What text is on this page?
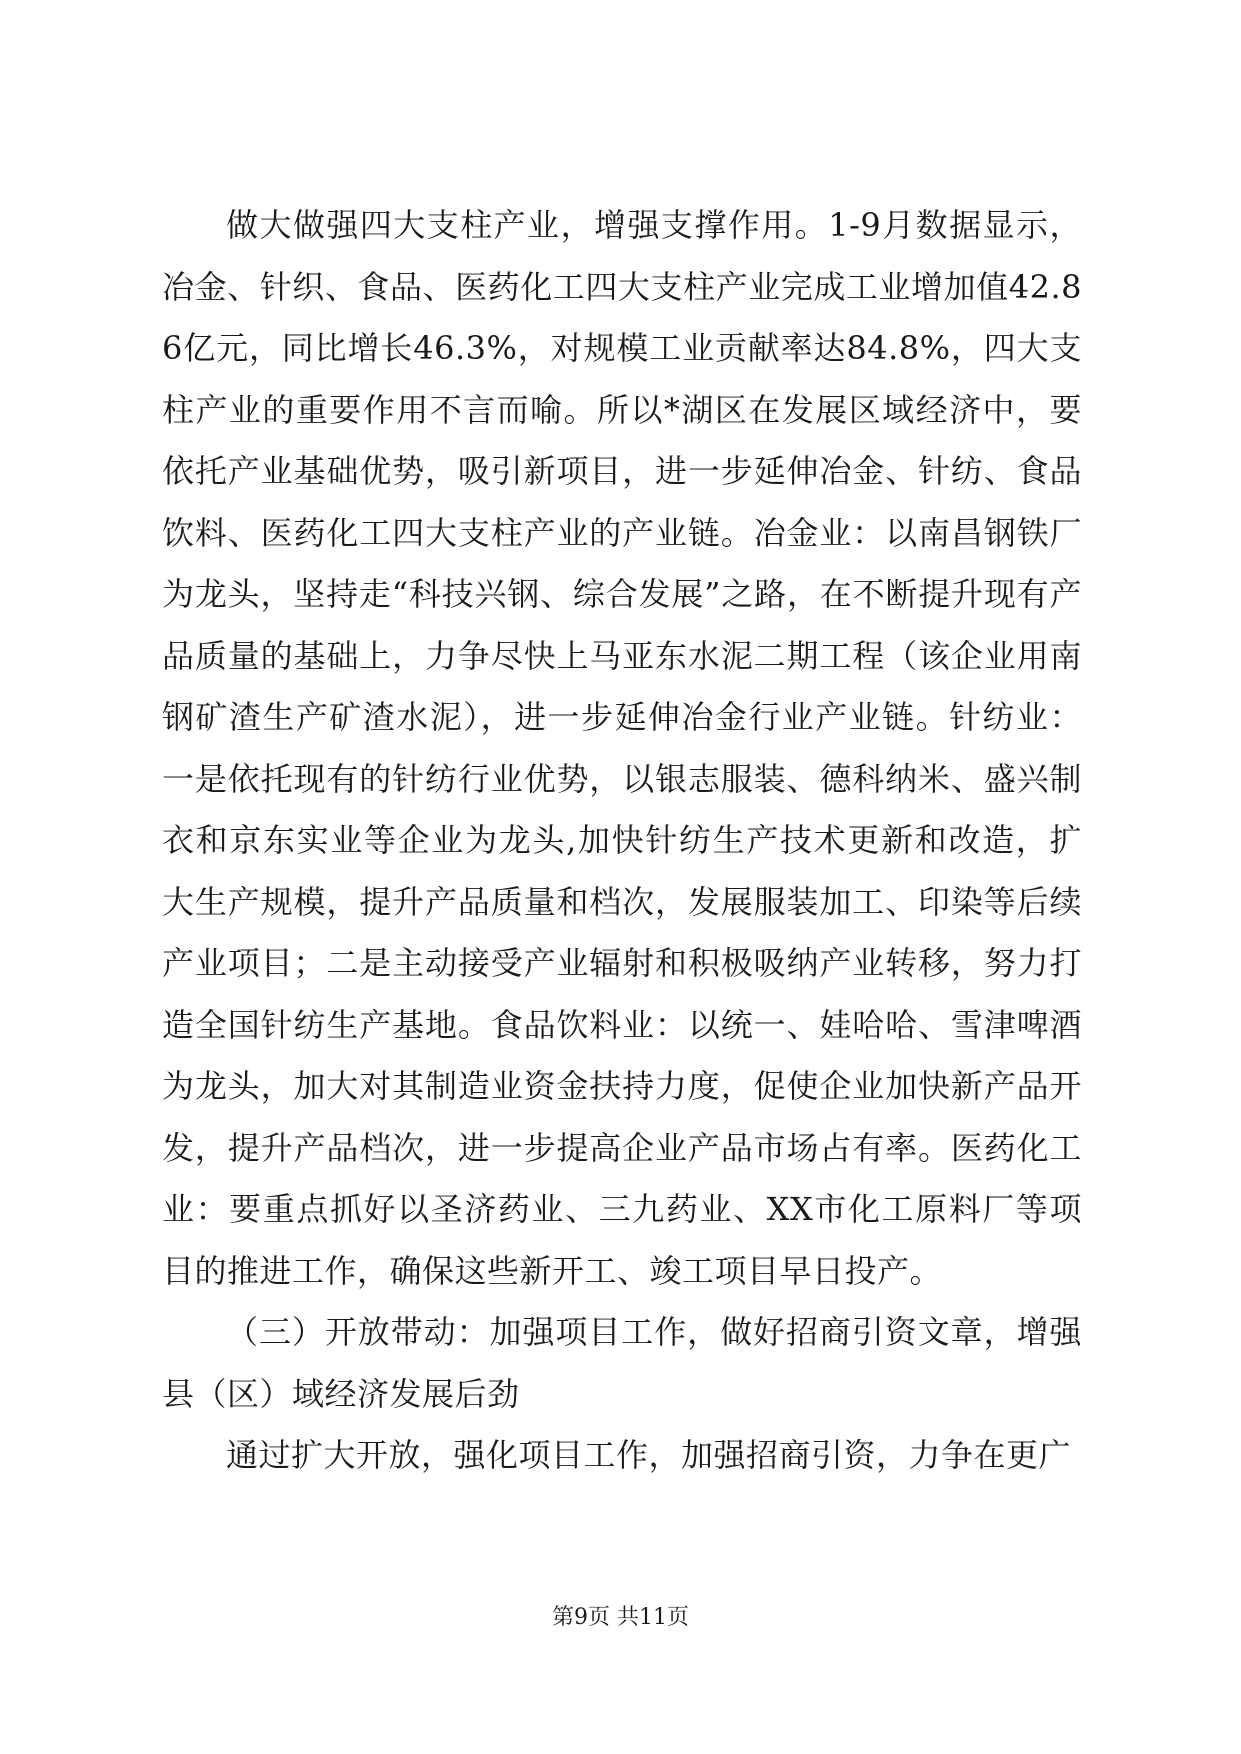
做大做强四大支柱产业，增强支撑作用。1-9月数据显示，冶金、针织、食品、医药化工四大支柱产业完成工业增加值42.86亿元，同比增长46.3%，对规模工业贡献率达84.8%，四大支柱产业的重要作用不言而喻。所以*湖区在发展区域经济中，要依托产业基础优势，吸引新项目，进一步延伸冶金、针纺、食品饮料、医药化工四大支柱产业的产业链。冶金业：以南昌钢铁厂为龙头，坚持走“科技兴钢、综合发展”之路，在不断提升现有产品质量的基础上，力争尽快上马亚东水泥二期工程（该企业用南钢矿渣生产矿渣水泥），进一步延伸冶金行业产业链。针纺业：一是依托现有的针纺行业优势，以银志服装、德科纳米、盛兴制衣和京东实业等企业为龙头,加快针纺生产技术更新和改造，扩大生产规模，提升产品质量和档次，发展服装加工、印染等后续产业项目；二是主动接受产业辐射和积极吸纳产业转移，努力打造全国针纺生产基地。食品饮料业：以统一、娃哈哈、雪津啤酒为龙头，加大对其制造业资金扶持力度，促使企业加快新产品开发，提升产品档次，进一步提高企业产品市场占有率。医药化工业：要重点抓好以圣济药业、三九药业、XX市化工原料厂等项目的推进工作，确保这些新开工、竣工项目早日投产。

（三）开放带动：加强项目工作，做好招商引资文章，增强县（区）域经济发展后劲

通过扩大开放，强化项目工作，加强招商引资，力争在更广

第9页 共11页
